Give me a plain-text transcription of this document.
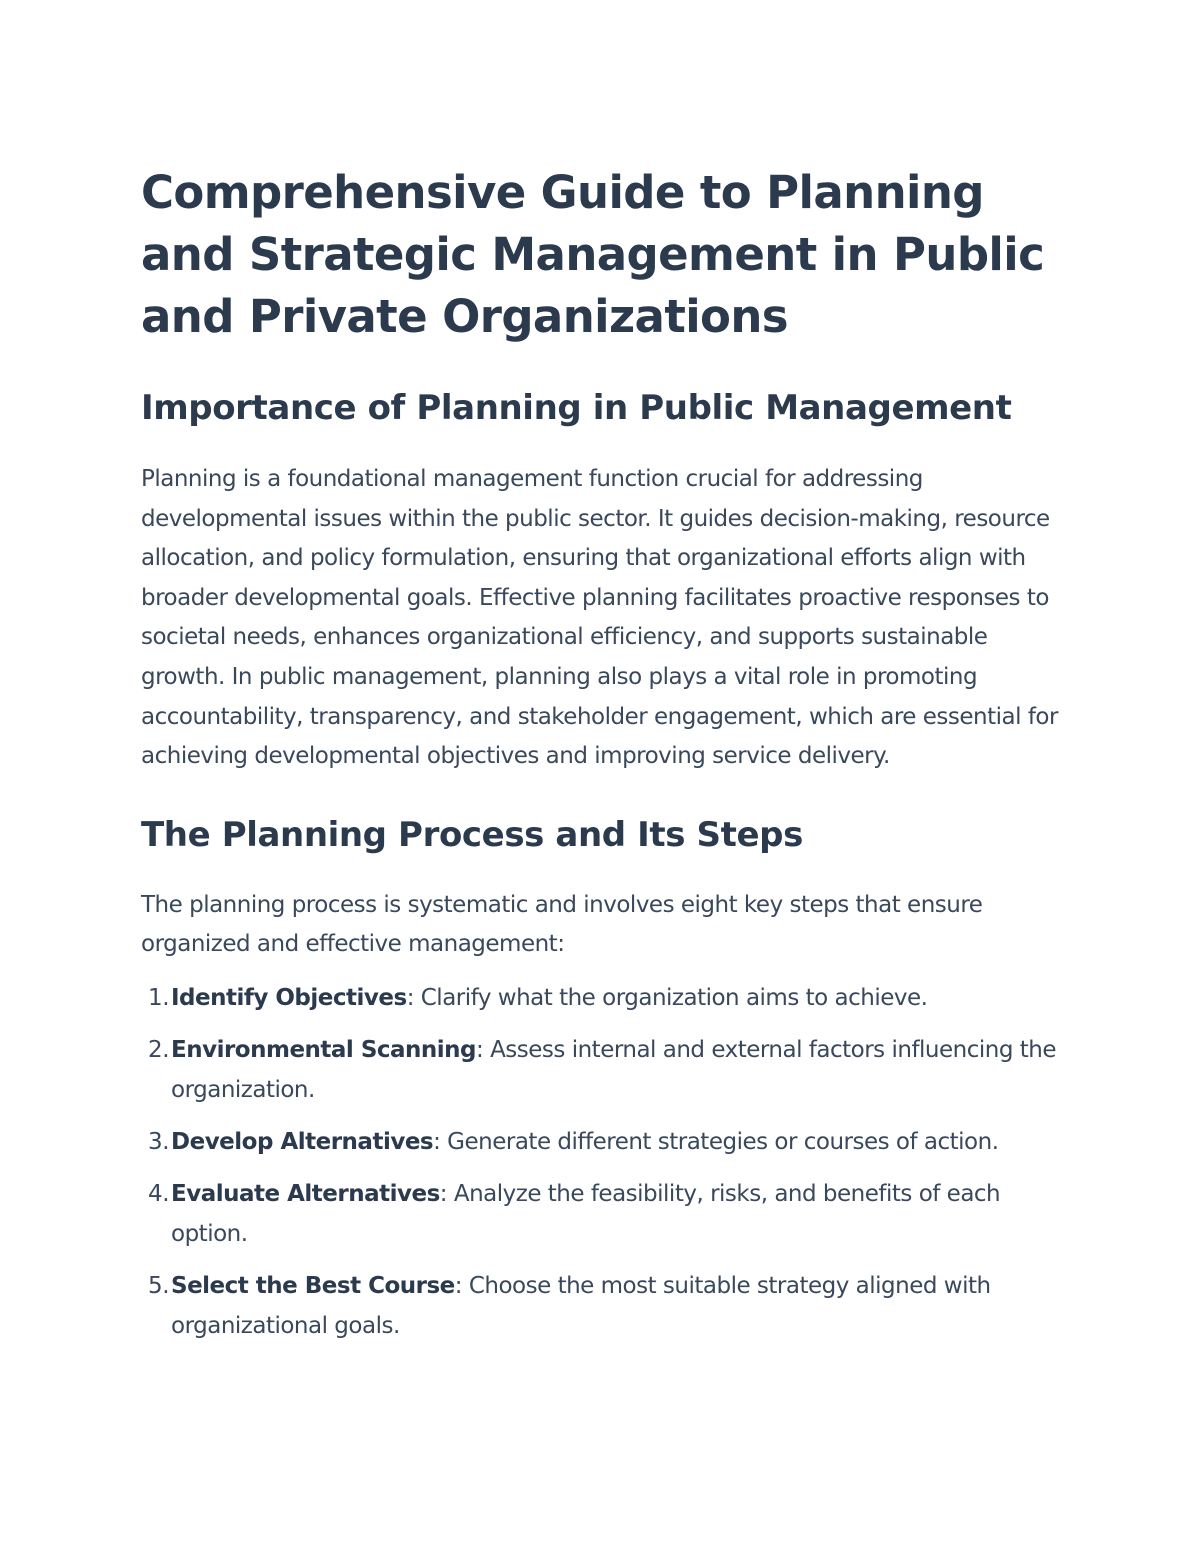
Comprehensive Guide to Planning and Strategic Management in Public and Private Organizations
Importance of Planning in Public Management

Planning is a foundational management function crucial for addressing developmental issues within the public sector. It guides decision-making, resource allocation, and policy formulation, ensuring that organizational efforts align with broader developmental goals. Effective planning facilitates proactive responses to societal needs, enhances organizational efficiency, and supports sustainable growth. In public management, planning also plays a vital role in promoting accountability, transparency, and stakeholder engagement, which are essential for achieving developmental objectives and improving service delivery.

The Planning Process and Its Steps

The planning process is systematic and involves eight key steps that ensure organized and effective management:

1 . Identify Objectives: Clarify what the organization aims to achieve.
2 . Environmental Scanning: Assess internal and external factors influencing the organization.
3 . Develop Alternatives: Generate different strategies or courses of action.
4 . Evaluate Alternatives: Analyze the feasibility, risks, and benefits of each option.
5 . Select the Best Course: Choose the most suitable strategy aligned with organizational goals.
